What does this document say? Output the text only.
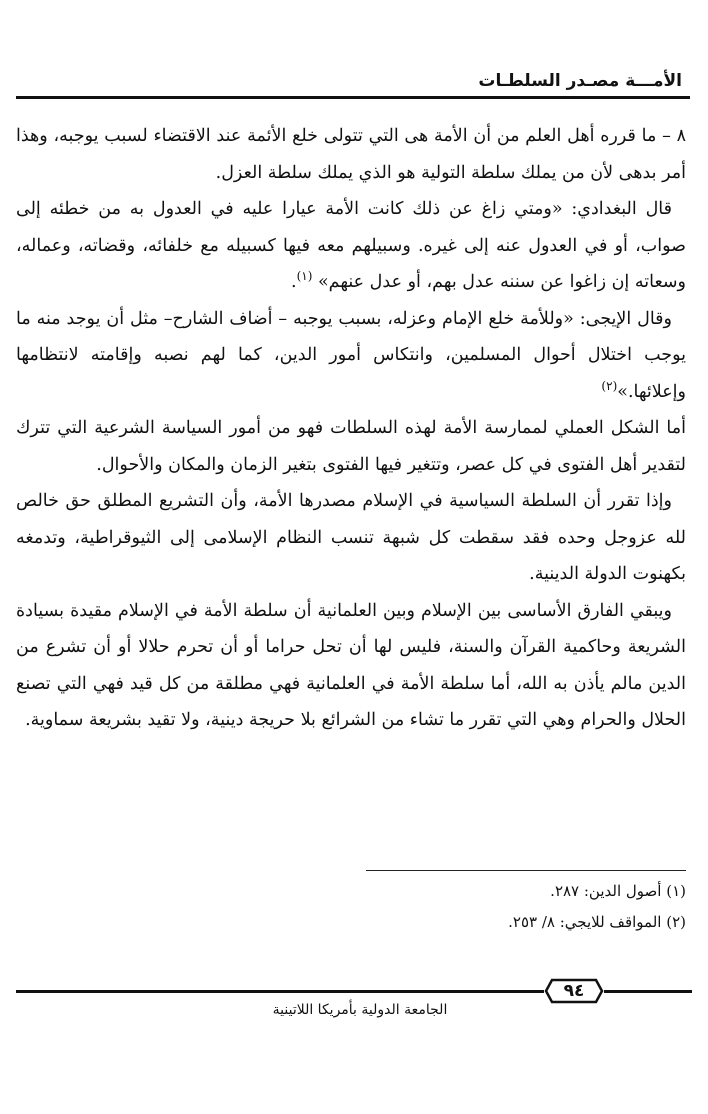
الأمـــة مصـدر السلطـات

٨ – ما قرره أهل العلم من أن الأمة هى التي تتولى خلع الأئمة عند الاقتضاء لسبب يوجبه، وهذا أمر بدهى لأن من يملك سلطة التولية هو الذي يملك سلطة العزل.

قال البغدادي: «ومتي زاغ عن ذلك كانت الأمة عيارا عليه في العدول به من خطئه إلى صواب، أو في العدول عنه إلى غيره. وسبيلهم معه فيها كسبيله مع خلفائه، وقضاته، وعماله، وسعاته إن زاغوا عن سننه عدل بهم، أو عدل عنهم» $^{(١)}$.

وقال الإيجى: «وللأمة خلع الإمام وعزله، بسبب يوجبه – أضاف الشارح– مثل أن يوجد منه ما يوجب اختلال أحوال المسلمين، وانتكاس أمور الدين، كما لهم نصبه وإقامته لانتظامها وإعلائها.»$^{(٢)}$

أما الشكل العملي لممارسة الأمة لهذه السلطات فهو من أمور السياسة الشرعية التي تترك لتقدير أهل الفتوى في كل عصر، وتتغير فيها الفتوى بتغير الزمان والمكان والأحوال.

وإذا تقرر أن السلطة السياسية في الإسلام مصدرها الأمة، وأن التشريع المطلق حق خالص لله عزوجل وحده فقد سقطت كل شبهة تنسب النظام الإسلامى إلى الثيوقراطية، وتدمغه بكهنوت الدولة الدينية.

ويبقي الفارق الأساسى بين الإسلام وبين العلمانية أن سلطة الأمة في الإسلام مقيدة بسيادة الشريعة وحاكمية القرآن والسنة، فليس لها أن تحل حراما أو أن تحرم حلالا أو أن تشرع من الدين مالم يأذن به الله، أما سلطة الأمة في العلمانية فهي مطلقة من كل قيد فهي التي تصنع الحلال والحرام وهي التي تقرر ما تشاء من الشرائع بلا حريجة دينية، ولا تقيد بشريعة سماوية.

(١) أصول الدين: ٢٨٧.
(٢) المواقف للايجي: ٨/ ٢٥٣.
٩٤
الجامعة الدولية بأمريكا اللاتينية
